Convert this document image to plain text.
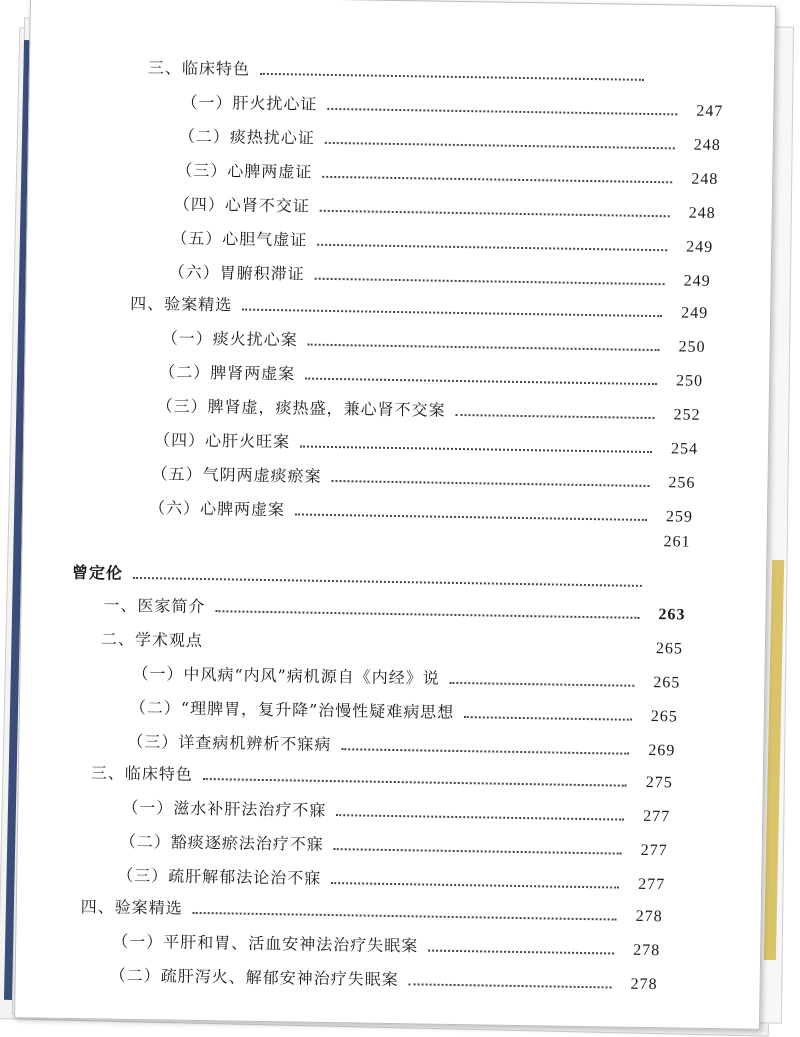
三、临床特色
（一）肝火扰心证	247
（二）痰热扰心证	248
（三）心脾两虚证	248
（四）心肾不交证	248
（五）心胆气虚证	249
（六）胃腑积滞证	249
四、验案精选	249
（一）痰火扰心案	250
（二）脾肾两虚案	250
（三）脾肾虚，痰热盛，兼心肾不交案	252
（四）心肝火旺案	254
（五）气阴两虚痰瘀案	256
（六）心脾两虚案	259
261
曾定伦
一、医家简介	263
二、学术观点	265
（一）中风病“内风”病机源自《内经》说	265
（二）“理脾胃，复升降”治慢性疑难病思想	265
（三）详查病机辨析不寐病	269
三、临床特色	275
（一）滋水补肝法治疗不寐	277
（二）豁痰逐瘀法治疗不寐	277
（三）疏肝解郁法论治不寐	277
四、验案精选	278
（一）平肝和胃、活血安神法治疗失眠案	278
（二）疏肝泻火、解郁安神治疗失眠案	278
